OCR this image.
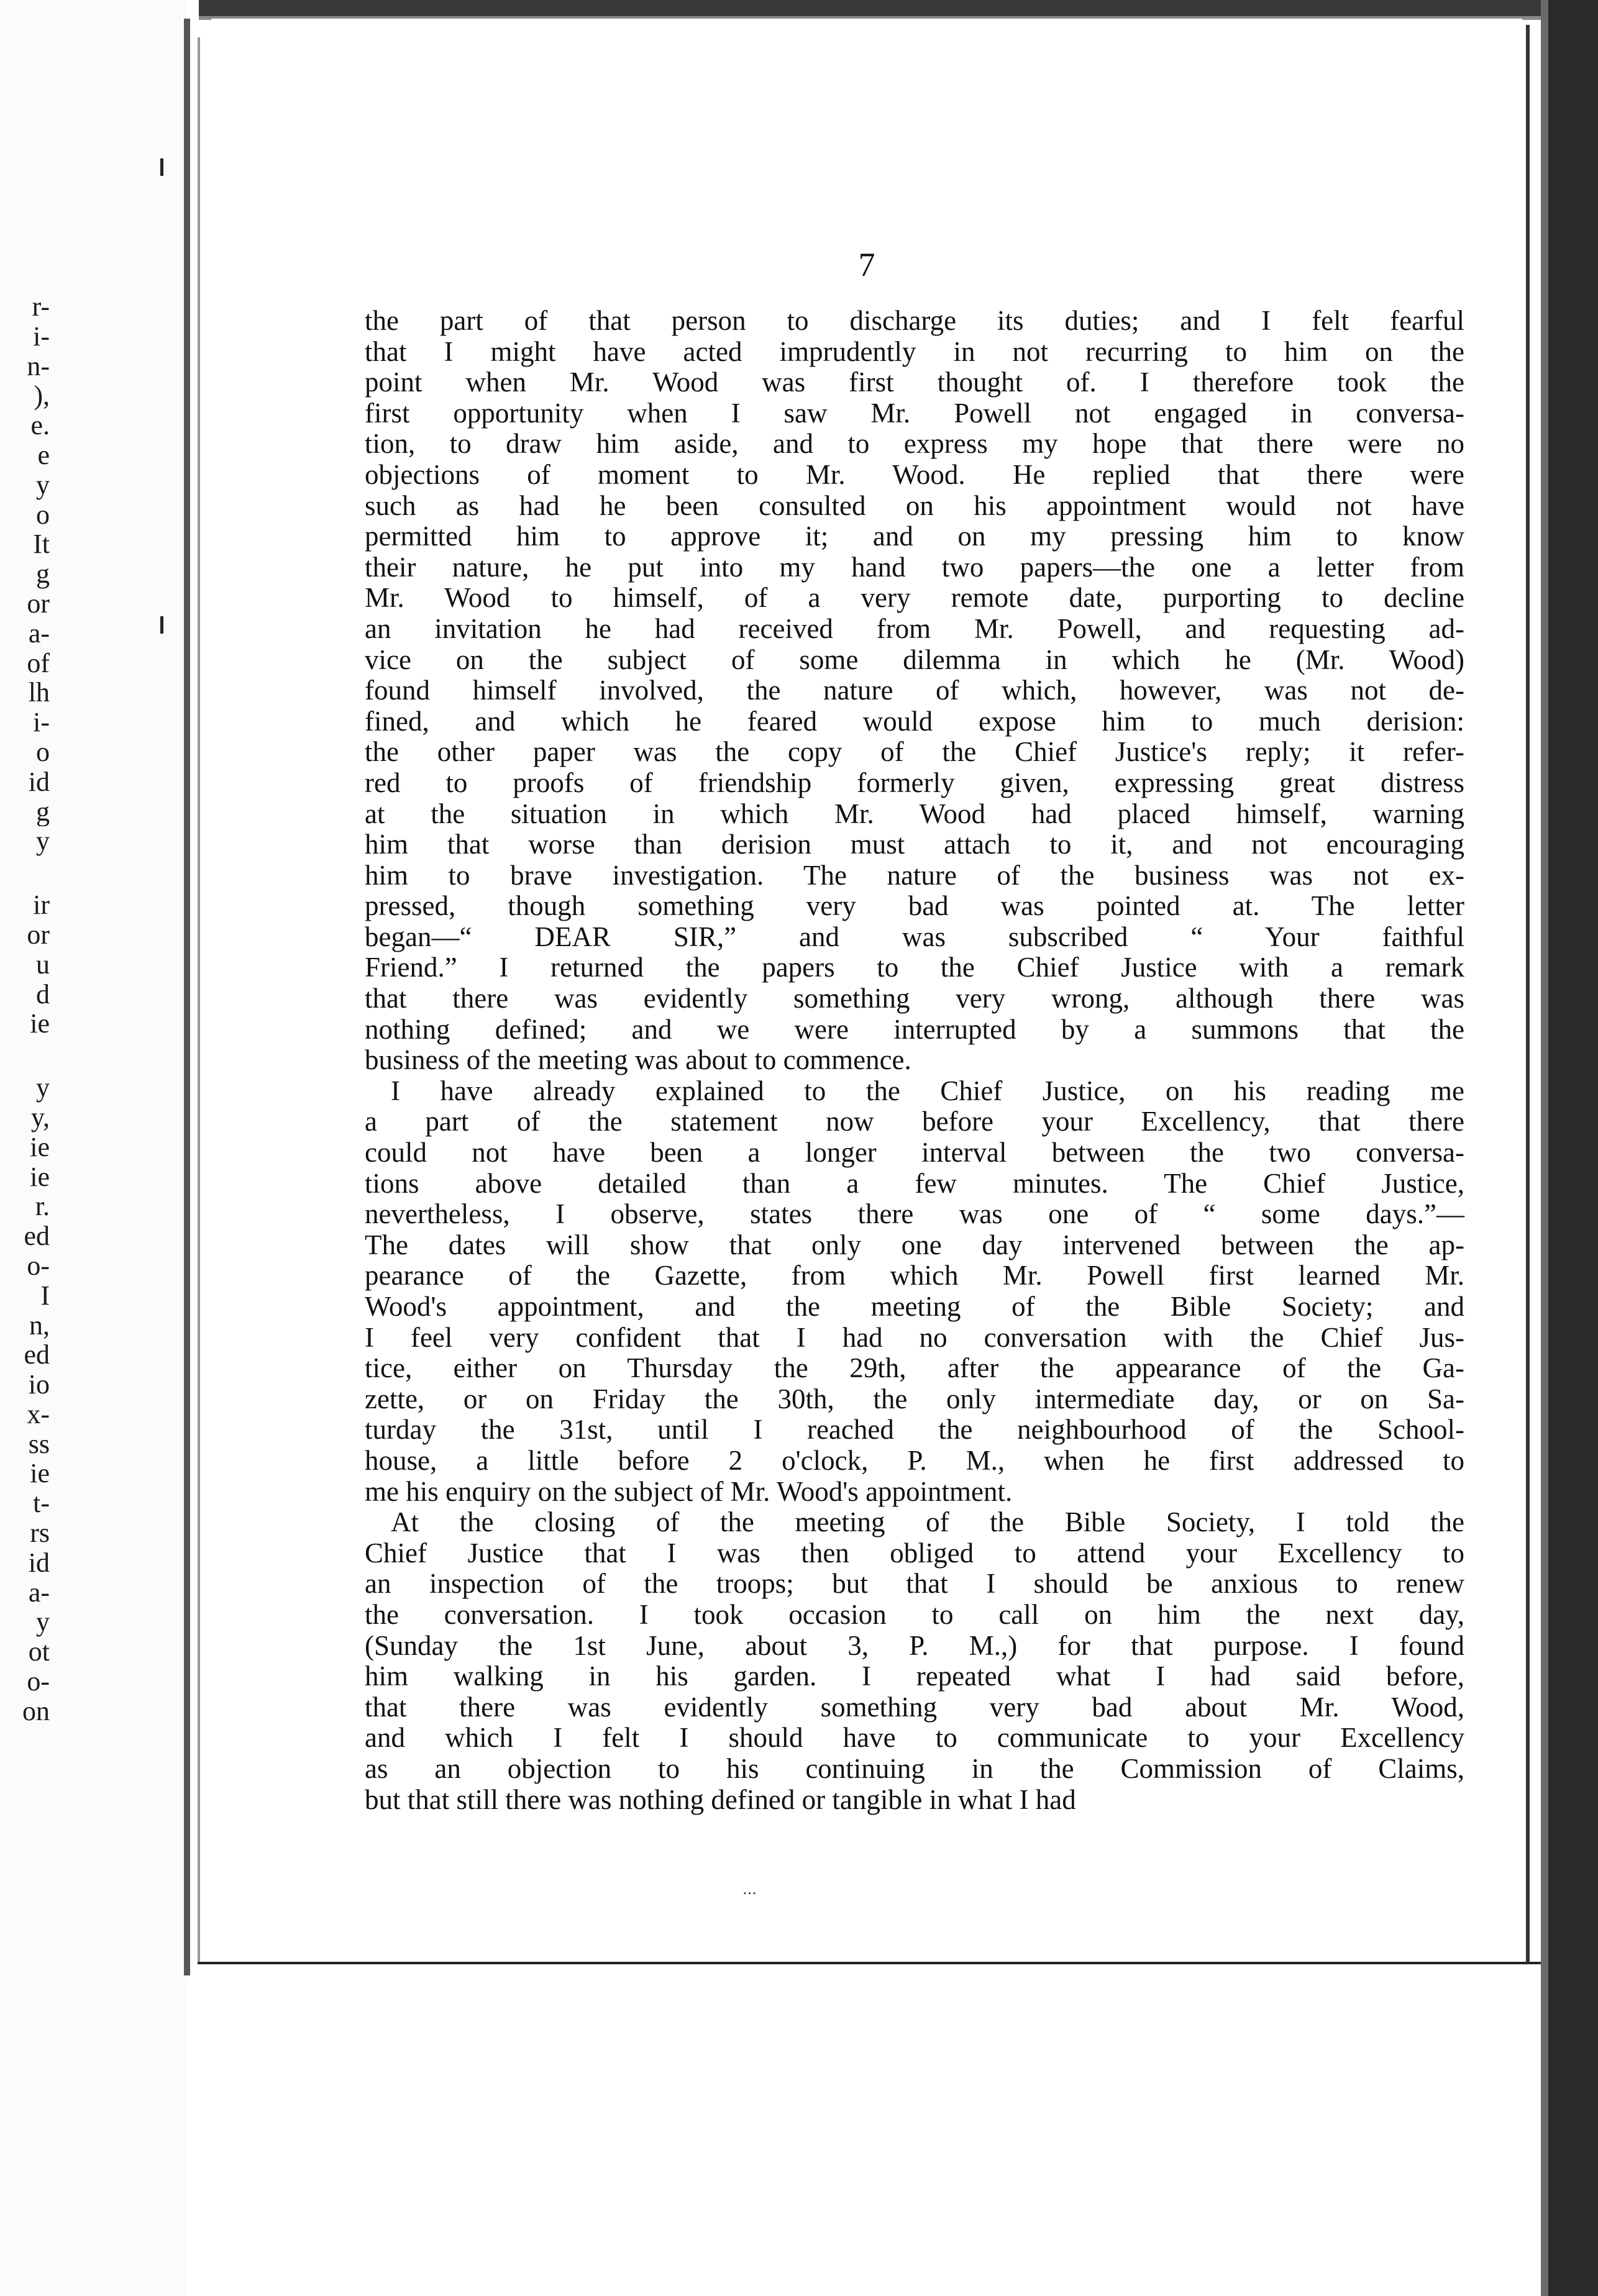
r-
i-
n-
),
e.
e
y
o
It
g
or
a-
of
lh
i-
o
id
g
y
ir
or
u
d
ie
y
y,
ie
ie
r.
ed
o-
I
n,
ed
io
x-
ss
ie
t-
rs
id
a-
y
ot
o-
on

7

the part of that person to discharge its duties; and I felt fearful
that I might have acted imprudently in not recurring to him on the
point when Mr. Wood was first thought of. I therefore took the
first opportunity when I saw Mr. Powell not engaged in conversa-
tion, to draw him aside, and to express my hope that there were no
objections of moment to Mr. Wood. He replied that there were
such as had he been consulted on his appointment would not have
permitted him to approve it; and on my pressing him to know
their nature, he put into my hand two papers—the one a letter from
Mr. Wood to himself, of a very remote date, purporting to decline
an invitation he had received from Mr. Powell, and requesting ad-
vice on the subject of some dilemma in which he (Mr. Wood)
found himself involved, the nature of which, however, was not de-
fined, and which he feared would expose him to much derision:
the other paper was the copy of the Chief Justice's reply; it refer-
red to proofs of friendship formerly given, expressing great distress
at the situation in which Mr. Wood had placed himself, warning
him that worse than derision must attach to it, and not encouraging
him to brave investigation. The nature of the business was not ex-
pressed, though something very bad was pointed at. The letter
began—“ DEAR SIR,” and was subscribed “ Your faithful
Friend.” I returned the papers to the Chief Justice with a remark
that there was evidently something very wrong, although there was
nothing defined; and we were interrupted by a summons that the
business of the meeting was about to commence.

I have already explained to the Chief Justice, on his reading me
a part of the statement now before your Excellency, that there
could not have been a longer interval between the two conversa-
tions above detailed than a few minutes. The Chief Justice,
nevertheless, I observe, states there was one of “ some days.”—
The dates will show that only one day intervened between the ap-
pearance of the Gazette, from which Mr. Powell first learned Mr.
Wood's appointment, and the meeting of the Bible Society; and
I feel very confident that I had no conversation with the Chief Jus-
tice, either on Thursday the 29th, after the appearance of the Ga-
zette, or on Friday the 30th, the only intermediate day, or on Sa-
turday the 31st, until I reached the neighbourhood of the School-
house, a little before 2 o'clock, P. M., when he first addressed to
me his enquiry on the subject of Mr. Wood's appointment.

At the closing of the meeting of the Bible Society, I told the
Chief Justice that I was then obliged to attend your Excellency to
an inspection of the troops; but that I should be anxious to renew
the conversation. I took occasion to call on him the next day,
(Sunday the 1st June, about 3, P. M.,) for that purpose. I found
him walking in his garden. I repeated what I had said before,
that there was evidently something very bad about Mr. Wood,
and which I felt I should have to communicate to your Excellency
as an objection to his continuing in the Commission of Claims,
but that still there was nothing defined or tangible in what I had

...
